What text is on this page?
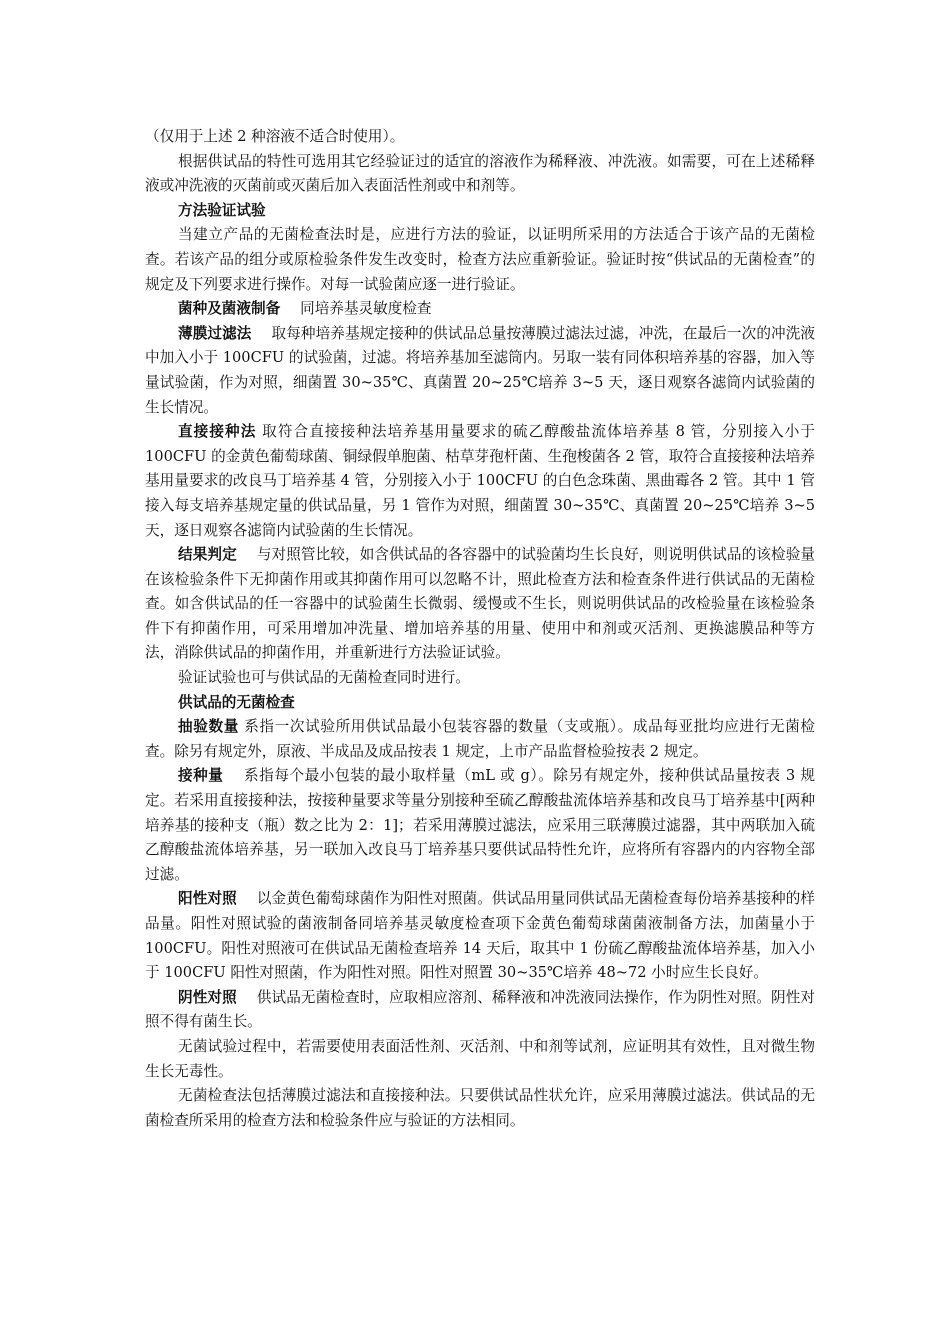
（仅用于上述 2 种溶液不适合时使用）。

根据供试品的特性可选用其它经验证过的适宜的溶液作为稀释液、冲洗液。如需要，可在上述稀释液或冲洗液的灭菌前或灭菌后加入表面活性剂或中和剂等。

方法验证试验

当建立产品的无菌检查法时是，应进行方法的验证，以证明所采用的方法适合于该产品的无菌检查。若该产品的组分或原检验条件发生改变时，检查方法应重新验证。验证时按“供试品的无菌检查”的规定及下列要求进行操作。对每一试验菌应逐一进行验证。

菌种及菌液制备 同培养基灵敏度检查

薄膜过滤法 取每种培养基规定接种的供试品总量按薄膜过滤法过滤，冲洗，在最后一次的冲洗液中加入小于 100CFU 的试验菌，过滤。将培养基加至滤筒内。另取一装有同体积培养基的容器，加入等量试验菌，作为对照，细菌置 30~35℃、真菌置 20~25℃培养 3~5 天，逐日观察各滤筒内试验菌的生长情况。

直接接种法 取符合直接接种法培养基用量要求的硫乙醇酸盐流体培养基 8 管，分别接入小于 100CFU 的金黄色葡萄球菌、铜绿假单胞菌、枯草芽孢杆菌、生孢梭菌各 2 管，取符合直接接种法培养基用量要求的改良马丁培养基 4 管，分别接入小于 100CFU 的白色念珠菌、黑曲霉各 2 管。其中 1 管接入每支培养基规定量的供试品量，另 1 管作为对照，细菌置 30~35℃、真菌置 20~25℃培养 3~5 天，逐日观察各滤筒内试验菌的生长情况。

结果判定 与对照管比较，如含供试品的各容器中的试验菌均生长良好，则说明供试品的该检验量在该检验条件下无抑菌作用或其抑菌作用可以忽略不计，照此检查方法和检查条件进行供试品的无菌检查。如含供试品的任一容器中的试验菌生长微弱、缓慢或不生长，则说明供试品的改检验量在该检验条件下有抑菌作用，可采用增加冲洗量、增加培养基的用量、使用中和剂或灭活剂、更换滤膜品种等方法，消除供试品的抑菌作用，并重新进行方法验证试验。

验证试验也可与供试品的无菌检查同时进行。

供试品的无菌检查

抽验数量 系指一次试验所用供试品最小包装容器的数量（支或瓶）。成品每亚批均应进行无菌检查。除另有规定外，原液、半成品及成品按表 1 规定，上市产品监督检验按表 2 规定。

接种量 系指每个最小包装的最小取样量（mL 或 g）。除另有规定外，接种供试品量按表 3 规定。若采用直接接种法，按接种量要求等量分别接种至硫乙醇酸盐流体培养基和改良马丁培养基中[两种培养基的接种支（瓶）数之比为 2：1]；若采用薄膜过滤法，应采用三联薄膜过滤器，其中两联加入硫乙醇酸盐流体培养基，另一联加入改良马丁培养基只要供试品特性允许，应将所有容器内的内容物全部过滤。

阳性对照 以金黄色葡萄球菌作为阳性对照菌。供试品用量同供试品无菌检查每份培养基接种的样品量。阳性对照试验的菌液制备同培养基灵敏度检查项下金黄色葡萄球菌菌液制备方法，加菌量小于 100CFU。阳性对照液可在供试品无菌检查培养 14 天后，取其中 1 份硫乙醇酸盐流体培养基，加入小于 100CFU 阳性对照菌，作为阳性对照。阳性对照置 30~35℃培养 48~72 小时应生长良好。

阴性对照 供试品无菌检查时，应取相应溶剂、稀释液和冲洗液同法操作，作为阴性对照。阴性对照不得有菌生长。

无菌试验过程中，若需要使用表面活性剂、灭活剂、中和剂等试剂，应证明其有效性，且对微生物生长无毒性。

无菌检查法包括薄膜过滤法和直接接种法。只要供试品性状允许，应采用薄膜过滤法。供试品的无菌检查所采用的检查方法和检验条件应与验证的方法相同。
